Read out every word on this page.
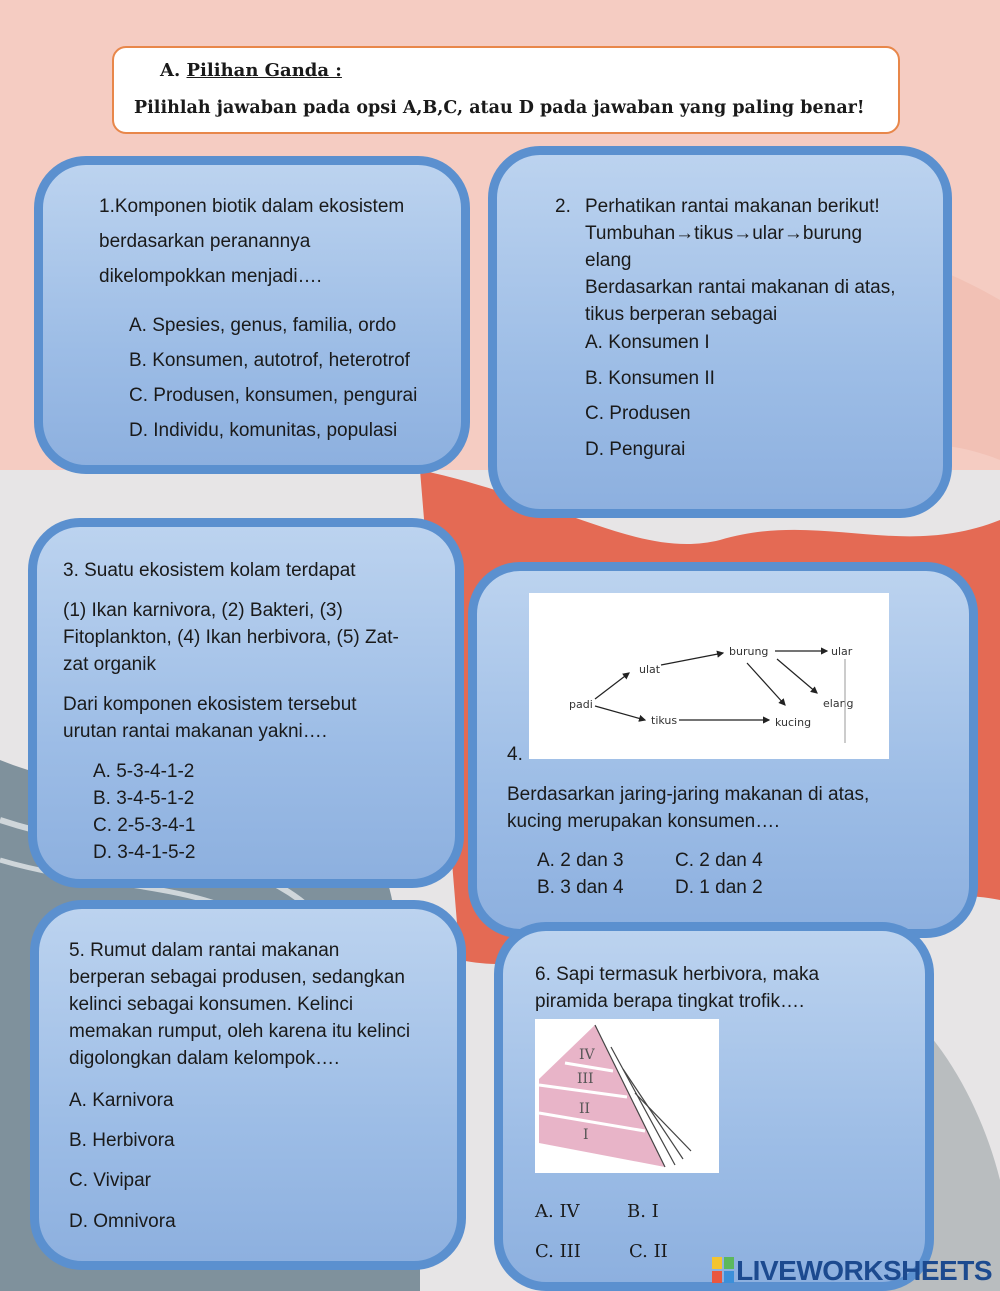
A. Pilihan Ganda :
Pilihlah jawaban pada opsi A,B,C, atau D pada jawaban yang paling benar!
1.Komponen biotik dalam ekosistem
berdasarkan peranannya
dikelompokkan menjadi….
A. Spesies, genus, familia, ordo
B. Konsumen, autotrof, heterotrof
C. Produsen, konsumen, pengurai
D. Individu, komunitas, populasi
2. Perhatikan rantai makanan berikut!
Tumbuhan→tikus→ular→burung
elang
Berdasarkan rantai makanan di atas,
tikus berperan sebagai
A. Konsumen I
B. Konsumen II
C. Produsen
D. Pengurai
3. Suatu ekosistem kolam terdapat
(1) Ikan karnivora, (2) Bakteri, (3)
Fitoplankton, (4) Ikan herbivora, (5) Zat-
zat organik
Dari komponen ekosistem tersebut
urutan rantai makanan yakni….
A. 5-3-4-1-2
B. 3-4-5-1-2
C. 2-5-3-4-1
D. 3-4-1-5-2
padi
ulat
burung	ular
elang
tikus	kucing
4.
Berdasarkan jaring-jaring makanan di atas,
kucing merupakan konsumen….
A. 2 dan 3	C. 2 dan 4
B. 3 dan 4	D. 1 dan 2
5. Rumut dalam rantai makanan
berperan sebagai produsen, sedangkan
kelinci sebagai konsumen. Kelinci
memakan rumput, oleh karena itu kelinci
digolongkan dalam kelompok….
A. Karnivora
B. Herbivora
C. Vivipar
D. Omnivora
6. Sapi termasuk herbivora, maka
piramida berapa tingkat trofik….
IV
III
II
I
A. IV	B. I
C. III	C. II
LIVEWORKSHEETS
